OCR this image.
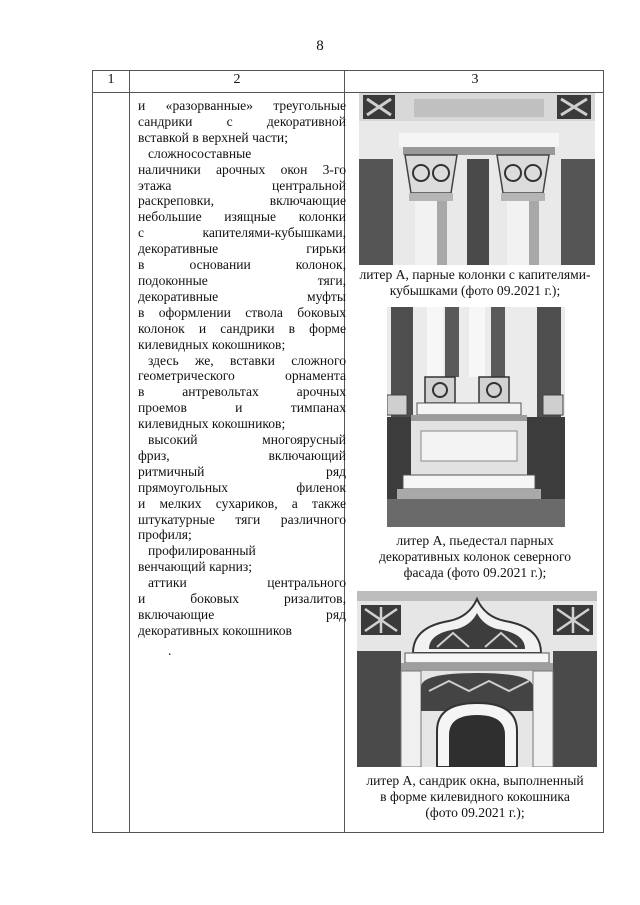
8
1	2	3

и «разорванные» треугольные

сандрики с декоративной

вставкой в верхней части;

сложносоставные

наличники арочных окон 3-го

этажа центральной

раскреповки, включающие

небольшие изящные колонки

с капителями-кубышками,

декоративные гирьки

в основании колонок,

подоконные тяги,

декоративные муфты

в оформлении ствола боковых

колонок и сандрики в форме

килевидных кокошников;

здесь же, вставки сложного

геометрического орнамента

в антревольтах арочных

проемов и тимпанах

килевидных кокошников;

высокий многоярусный

фриз, включающий

ритмичный ряд

прямоугольных филенок

и мелких сухариков, а также

штукатурные тяги различного

профиля;

профилированный

венчающий карниз;

аттики центрального

и боковых ризалитов,

включающие ряд

декоративных кокошников

.

литер А, парные колонки с капителями-
кубышками (фото 09.2021 г.);
литер А, пьедестал парных
декоративных колонок северного
фасада (фото 09.2021 г.);
литер А, сандрик окна, выполненный
в форме килевидного кокошника
(фото 09.2021 г.);
